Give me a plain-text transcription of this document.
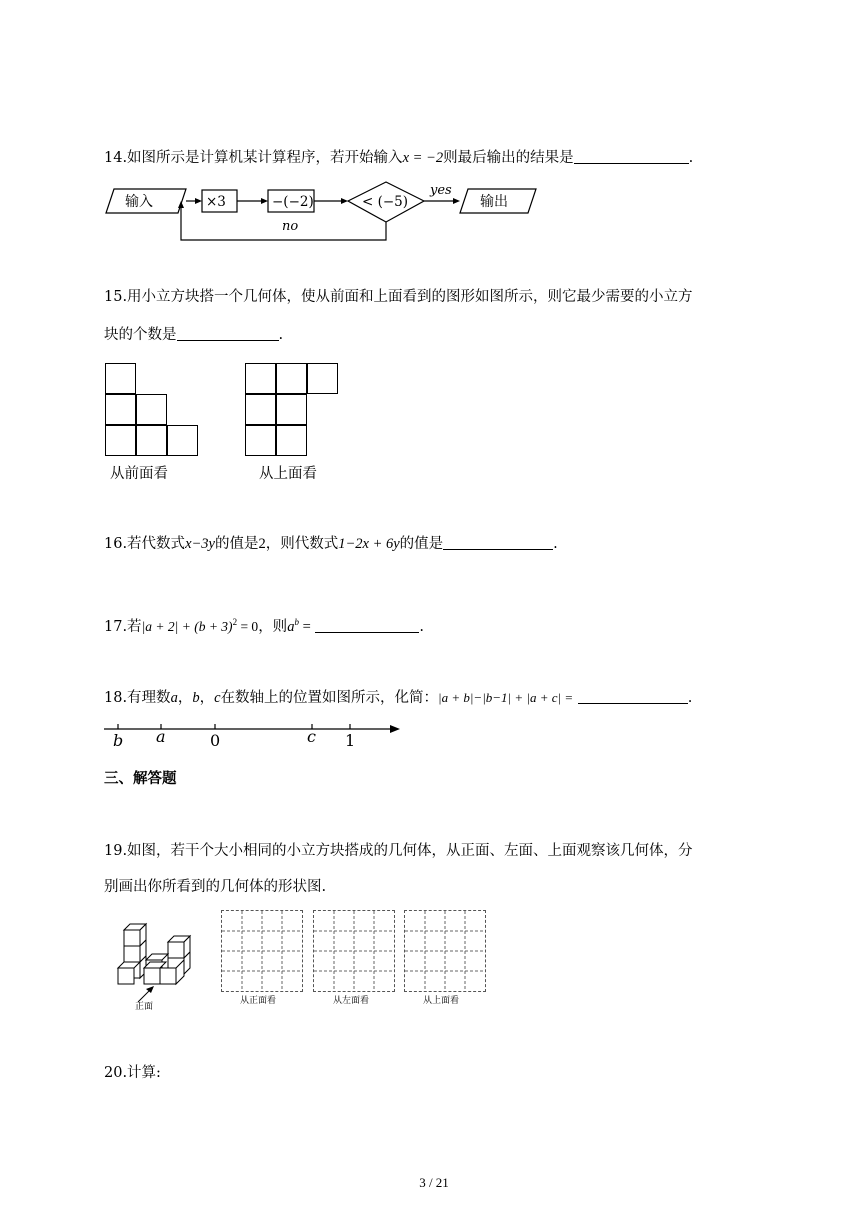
14.如图所示是计算机某计算程序，若开始输入x = −2则最后输出的结果是	.
输入	×3	−(−2)	< (−5)
yes
输出
no
15.用小立方块搭一个几何体，使从前面和上面看到的图形如图所示，则它最少需要的小立方
块的个数是	.
从前面看	从上面看
16.若代数式x−3y的值是2，则代数式1−2x + 6y的值是	.
17.若$|a + 2| + (b + 3)^2 = 0$，则$a^b$ =	.
18.有理数a，b，c在数轴上的位置如图所示，化简：|a + b|−|b−1| + |a + c| =	.
b a	0	c 1
三、解答题
19.如图，若干个大小相同的小立方块搭成的几何体，从正面、左面、上面观察该几何体，分
别画出你所看到的几何体的形状图.
正面
从正面看	从左面看	从上面看
20.计算:
3 / 21
